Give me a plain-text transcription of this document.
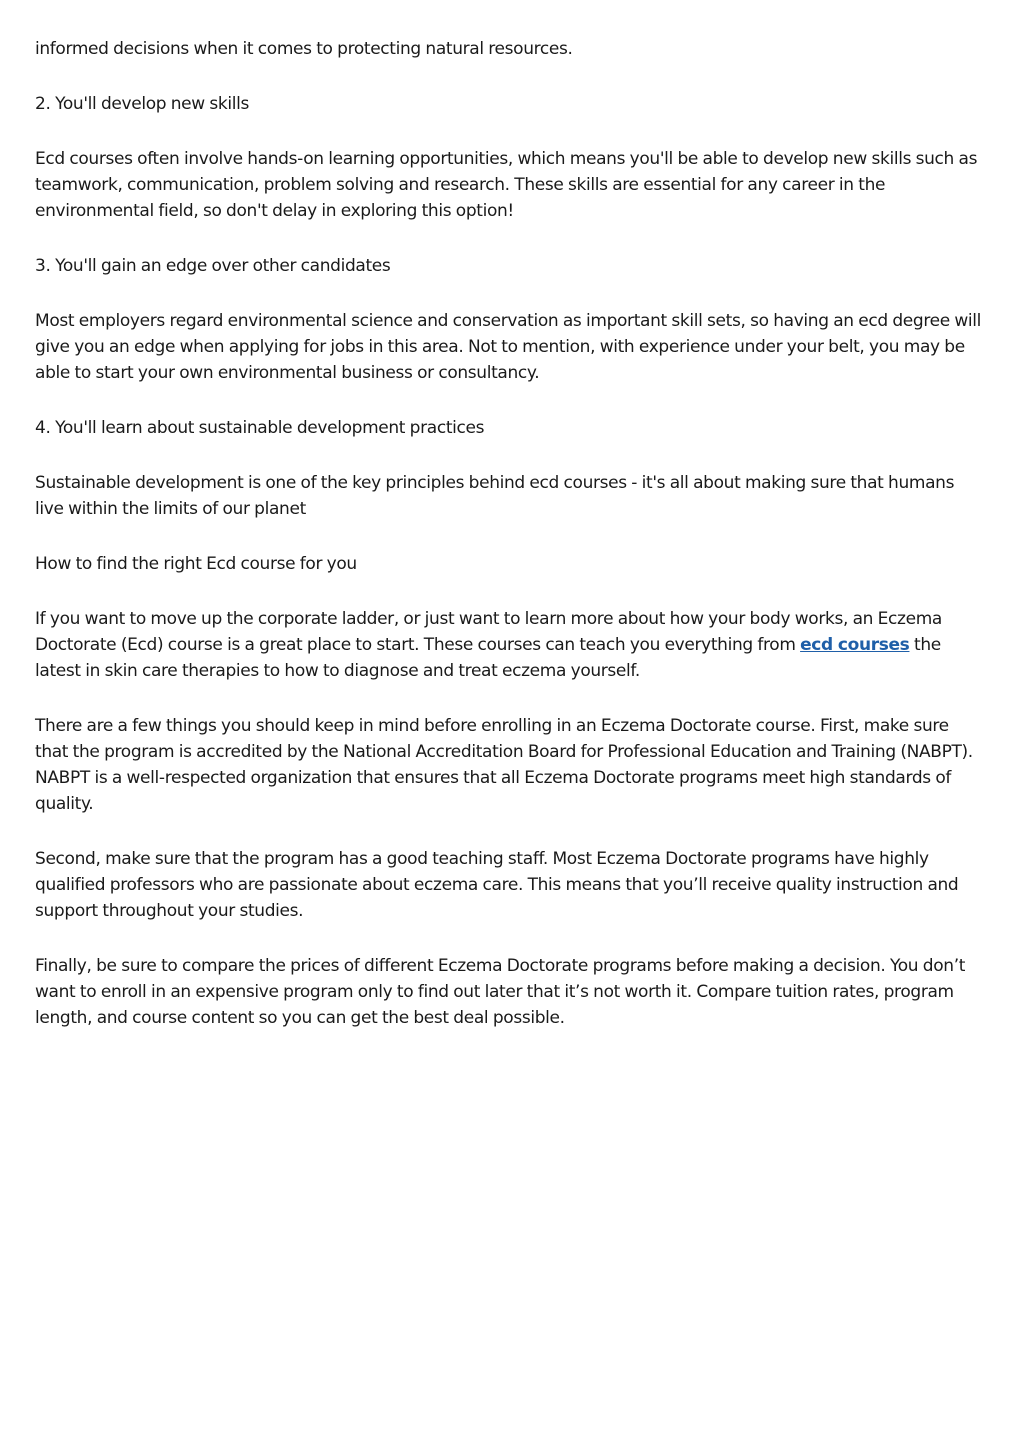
informed decisions when it comes to protecting natural resources.

2. You'll develop new skills

Ecd courses often involve hands-on learning opportunities, which means you'll be able to develop new skills such as teamwork, communication, problem solving and research. These skills are essential for any career in the environmental field, so don't delay in exploring this option!

3. You'll gain an edge over other candidates

Most employers regard environmental science and conservation as important skill sets, so having an ecd degree will give you an edge when applying for jobs in this area. Not to mention, with experience under your belt, you may be able to start your own environmental business or consultancy.

4. You'll learn about sustainable development practices

Sustainable development is one of the key principles behind ecd courses - it's all about making sure that humans live within the limits of our planet

How to find the right Ecd course for you

If you want to move up the corporate ladder, or just want to learn more about how your body works, an Eczema Doctorate (Ecd) course is a great place to start. These courses can teach you everything from ecd courses the latest in skin care therapies to how to diagnose and treat eczema yourself.

There are a few things you should keep in mind before enrolling in an Eczema Doctorate course. First, make sure that the program is accredited by the National Accreditation Board for Professional Education and Training (NABPT). NABPT is a well-respected organization that ensures that all Eczema Doctorate programs meet high standards of quality.

Second, make sure that the program has a good teaching staff. Most Eczema Doctorate programs have highly qualified professors who are passionate about eczema care. This means that you’ll receive quality instruction and support throughout your studies.

Finally, be sure to compare the prices of different Eczema Doctorate programs before making a decision. You don’t want to enroll in an expensive program only to find out later that it’s not worth it. Compare tuition rates, program length, and course content so you can get the best deal possible.
